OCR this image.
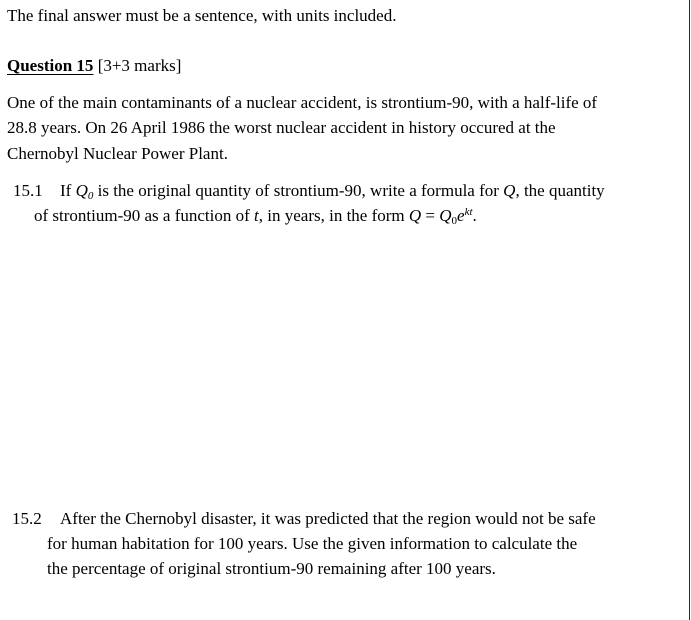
The final answer must be a sentence, with units included.
Question 15 [3+3 marks]
One of the main contaminants of a nuclear accident, is strontium-90, with a half-life of
28.8 years. On 26 April 1986 the worst nuclear accident in history occured at the
Chernobyl Nuclear Power Plant.
15.1 If $Q_0$ is the original quantity of strontium-90, write a formula for Q, the quantity
of strontium-90 as a function of t, in years, in the form $Q = Q_0e^{kt}$.
15.2 After the Chernobyl disaster, it was predicted that the region would not be safe
for human habitation for 100 years. Use the given information to calculate the
the percentage of original strontium-90 remaining after 100 years.
